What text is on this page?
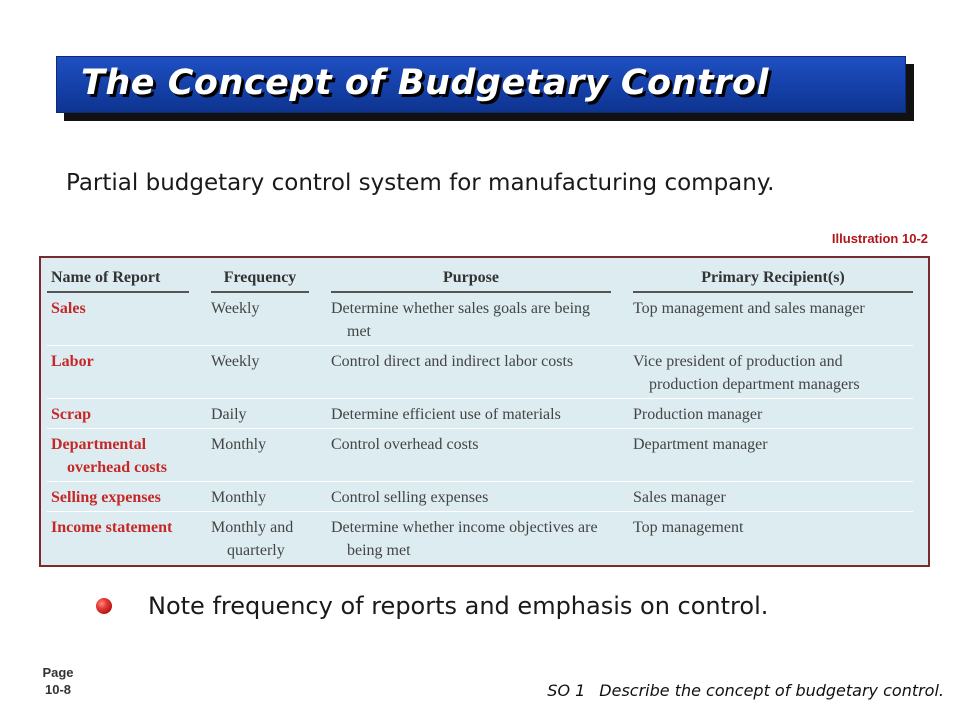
The Concept of Budgetary Control
Partial budgetary control system for manufacturing company.
Illustration 10-2
Name of Report		Frequency		Purpose		Primary Recipient(s)

Sales		Weekly		Determine whether sales goals are being met		Top management and sales manager

Labor		Weekly		Control direct and indirect labor costs		Vice president of production and production department managers

Scrap		Daily		Determine efficient use of materials		Production manager

Departmental overhead costs		Monthly		Control overhead costs		Department manager

Selling expenses		Monthly		Control selling expenses		Sales manager

Income statement		Monthly and quarterly		Determine whether income objectives are being met		Top management
Note frequency of reports and emphasis on control.
Page
10-8	SO 1 Describe the concept of budgetary control.
